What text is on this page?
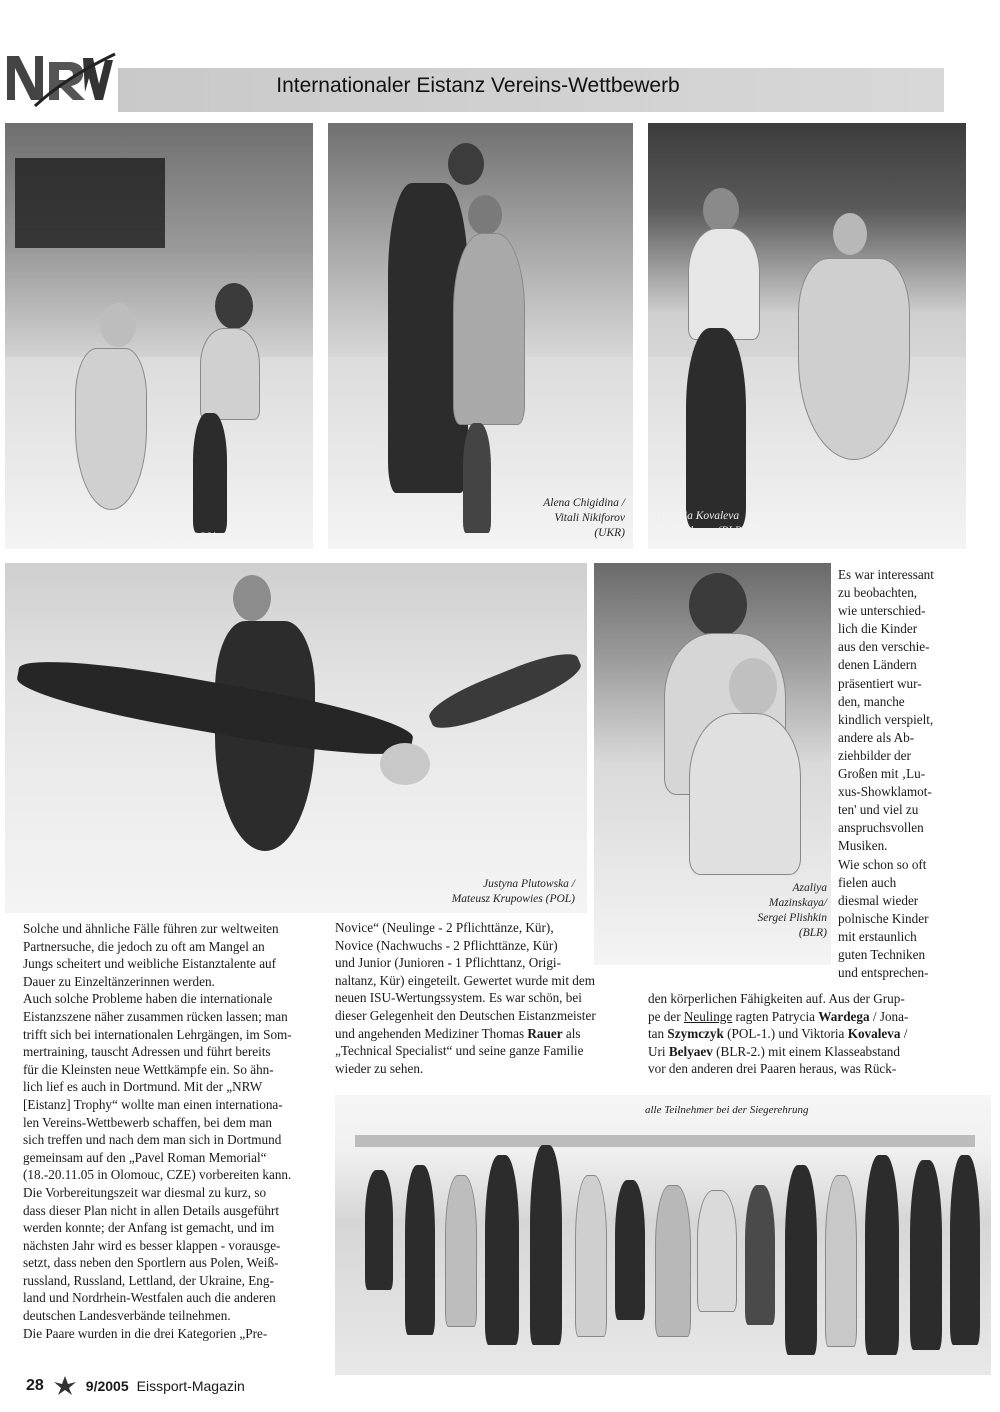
Internationaler Eistanz Vereins-Wettbewerb
Patrycia Wardega / Jonatan Szymczyk (POL)
Alena Chigidina /
Vitali Nikiforov
(UKR)
Viktoria Kovaleva
/Uri Belyaev (BLR-2.)
Justyna Plutowska /
Mateusz Krupowies (POL)
Azaliya
Mazinskaya/
Sergei Plishkin
(BLR)
alle Teilnehmer bei der Siegerehrung
Es war interessant
zu beobachten,
wie unterschied-
lich die Kinder
aus den verschie-
denen Ländern
präsentiert wur-
den, manche
kindlich verspielt,
andere als Ab-
ziehbilder der
Großen mit ‚Lu-
xus-Showklamot-
ten' und viel zu
anspruchsvollen
Musiken.
Wie schon so oft
fielen auch
diesmal wieder
polnische Kinder
mit erstaunlich
guten Techniken
und entsprechen-
den körperlichen Fähigkeiten auf. Aus der Grup-
pe der Neulinge ragten Patrycia Wardega / Jona-
tan Szymczyk (POL-1.) und Viktoria Kovaleva /
Uri Belyaev (BLR-2.) mit einem Klasseabstand
vor den anderen drei Paaren heraus, was Rück-
Novice“ (Neulinge - 2 Pflichttänze, Kür),
Novice (Nachwuchs - 2 Pflichttänze, Kür)
und Junior (Junioren - 1 Pflichttanz, Origi-
naltanz, Kür) eingeteilt. Gewertet wurde mit dem
neuen ISU-Wertungssystem. Es war schön, bei
dieser Gelegenheit den Deutschen Eistanzmeister
und angehenden Mediziner Thomas Rauer als
„Technical Specialist“ und seine ganze Familie
wieder zu sehen.
Solche und ähnliche Fälle führen zur weltweiten
Partnersuche, die jedoch zu oft am Mangel an
Jungs scheitert und weibliche Eistanztalente auf
Dauer zu Einzeltänzerinnen werden.
Auch solche Probleme haben die internationale
Eistanzszene näher zusammen rücken lassen; man
trifft sich bei internationalen Lehrgängen, im Som-
mertraining, tauscht Adressen und führt bereits
für die Kleinsten neue Wettkämpfe ein. So ähn-
lich lief es auch in Dortmund. Mit der „NRW
[Eistanz] Trophy“ wollte man einen internationa-
len Vereins-Wettbewerb schaffen, bei dem man
sich treffen und nach dem man sich in Dortmund
gemeinsam auf den „Pavel Roman Memorial“
(18.-20.11.05 in Olomouc, CZE) vorbereiten kann.
Die Vorbereitungszeit war diesmal zu kurz, so
dass dieser Plan nicht in allen Details ausgeführt
werden konnte; der Anfang ist gemacht, und im
nächsten Jahr wird es besser klappen - vorausge-
setzt, dass neben den Sportlern aus Polen, Weiß-
russland, Russland, Lettland, der Ukraine, Eng-
land und Nordrhein-Westfalen auch die anderen
deutschen Landesverbände teilnehmen.
Die Paare wurden in die drei Kategorien „Pre-
28	9/2005 Eissport-Magazin
